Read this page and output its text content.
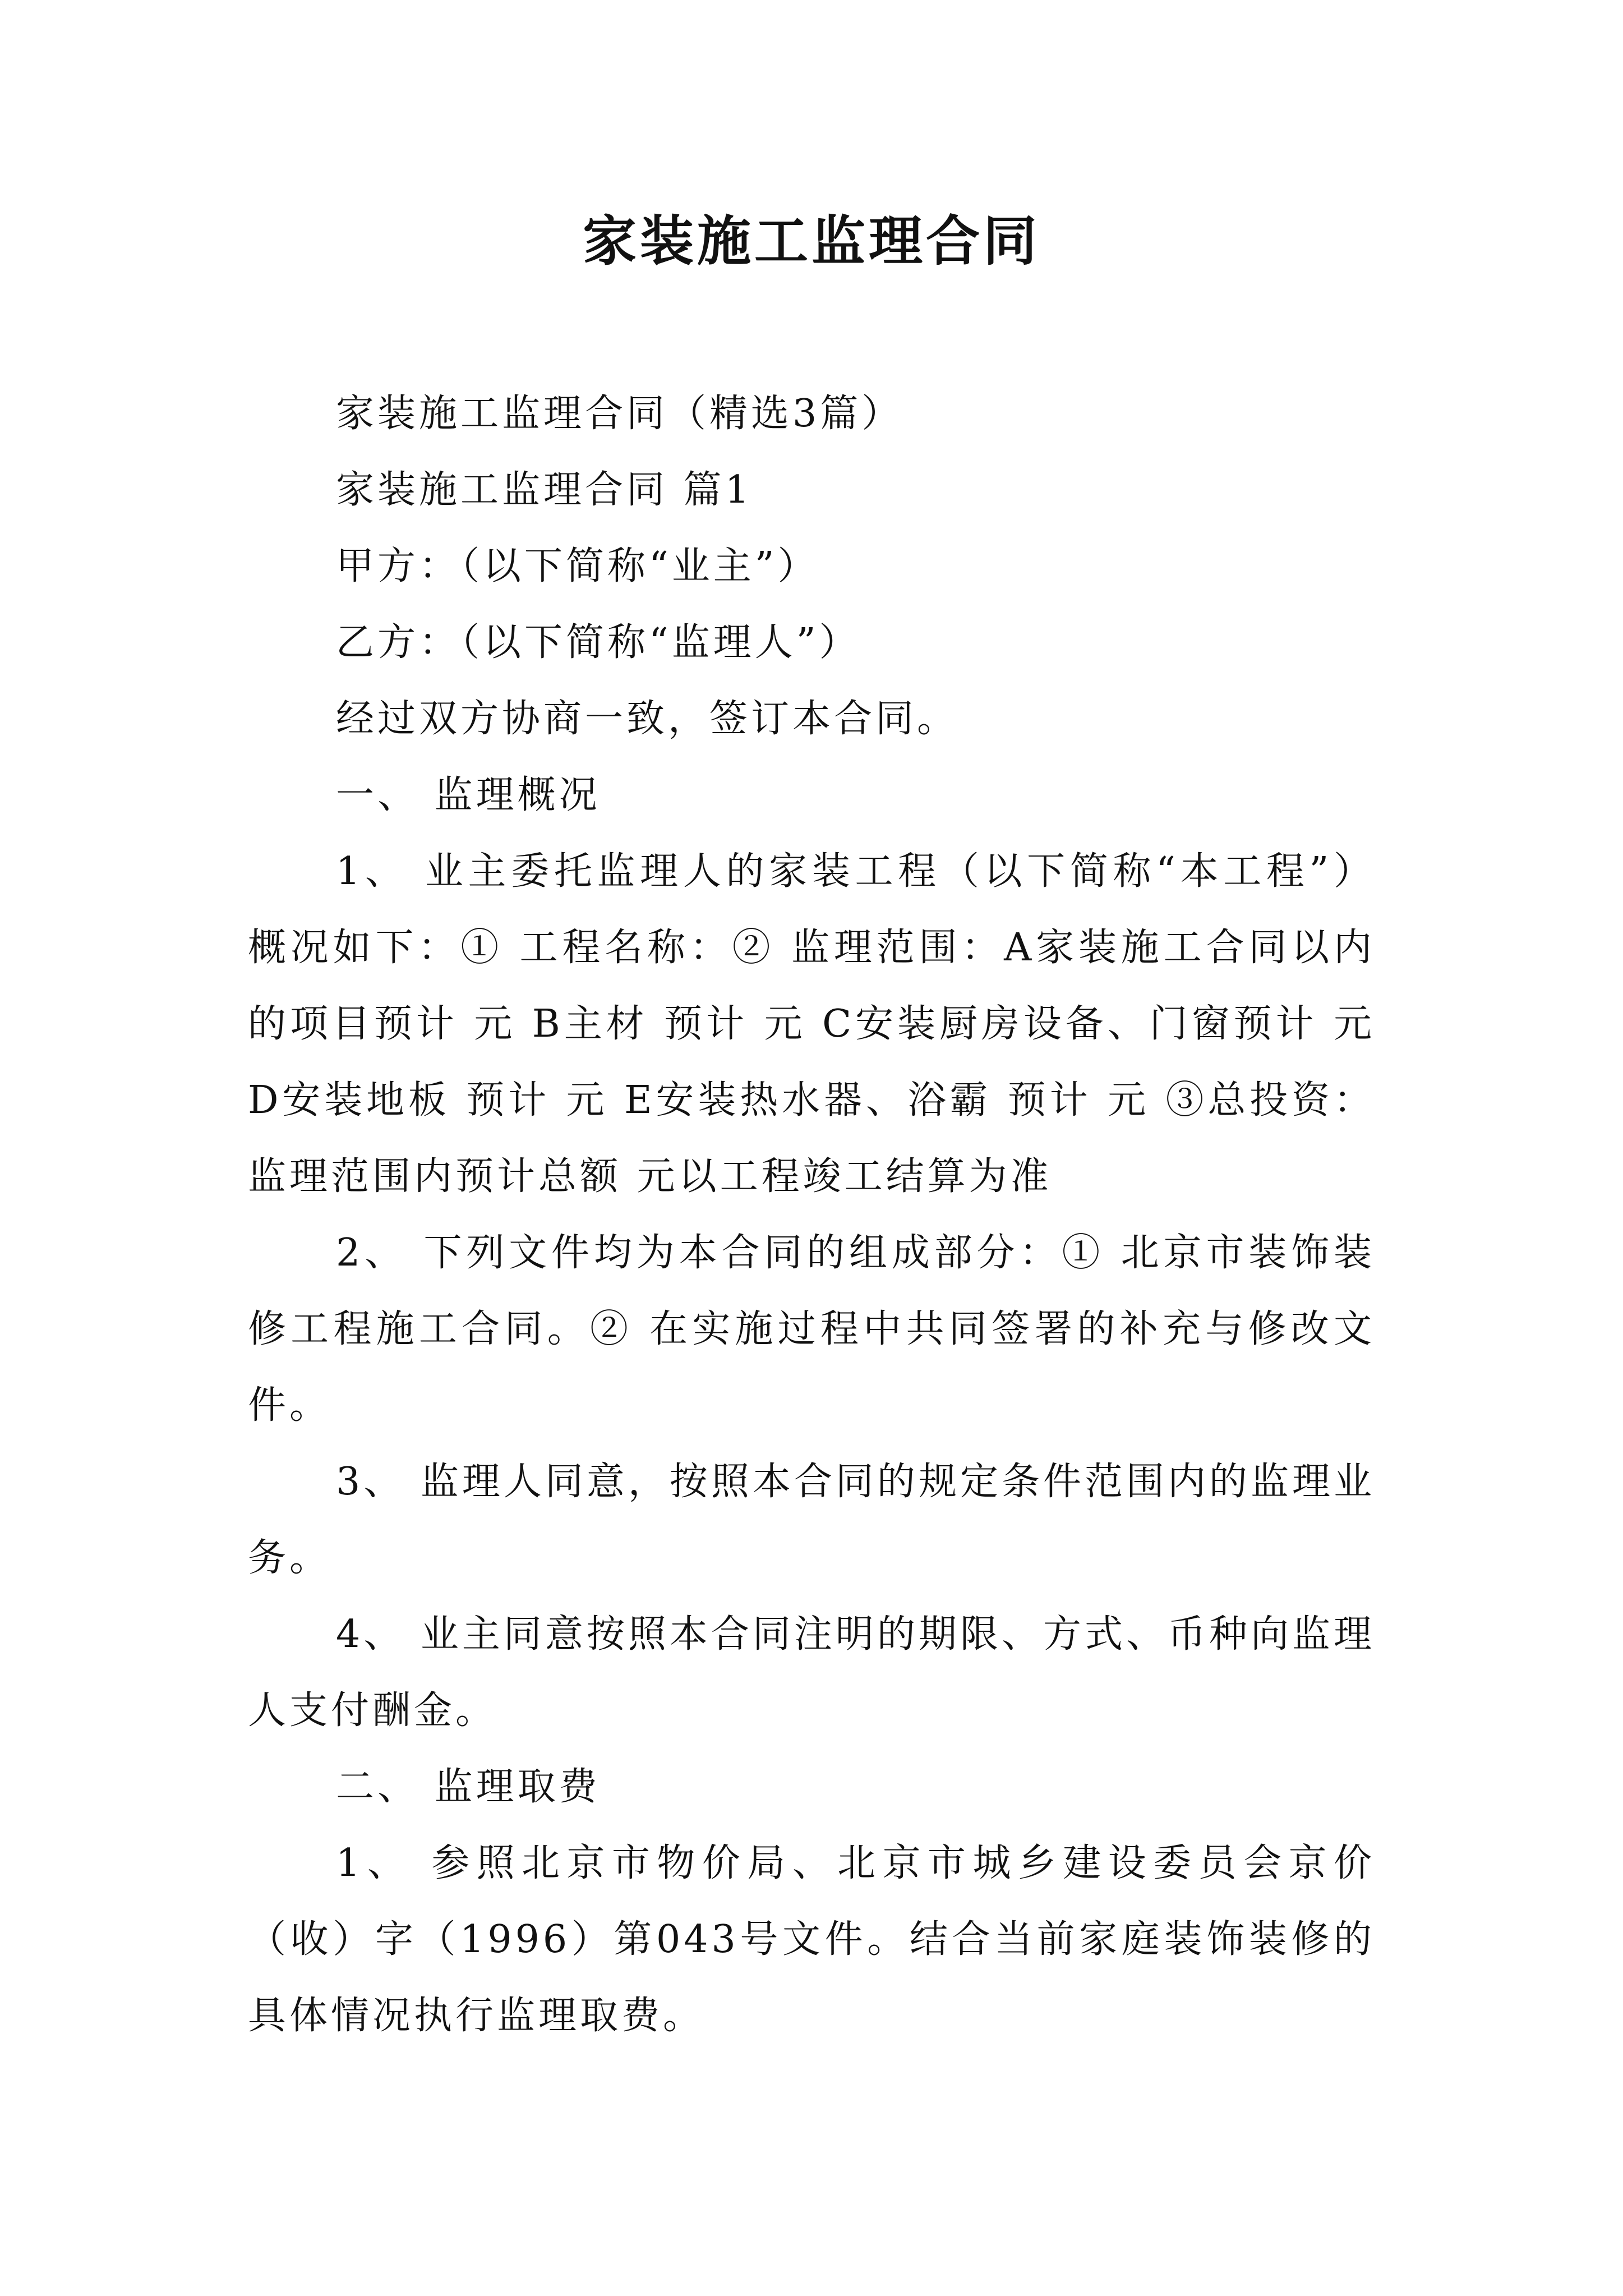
家装施工监理合同

家装施工监理合同（精选3篇）

家装施工监理合同 篇1

甲方：（以下简称“业主”）

乙方：（以下简称“监理人”）

经过双方协商一致，签订本合同。

一、 监理概况

1、 业主委托监理人的家装工程（以下简称“本工程”）概况如下：① 工程名称：② 监理范围：A家装施工合同以内的项目预计 元 B主材 预计 元 C安装厨房设备、门窗预计 元 D安装地板 预计 元 E安装热水器、浴霸 预计 元 ③总投资： 监理范围内预计总额 元以工程竣工结算为准

2、 下列文件均为本合同的组成部分：① 北京市装饰装修工程施工合同。② 在实施过程中共同签署的补充与修改文件。

3、 监理人同意，按照本合同的规定条件范围内的监理业务。

4、 业主同意按照本合同注明的期限、方式、币种向监理人支付酬金。

二、 监理取费

1、 参照北京市物价局、北京市城乡建设委员会京价（收）字（1996）第043号文件。结合当前家庭装饰装修的具体情况执行监理取费。
